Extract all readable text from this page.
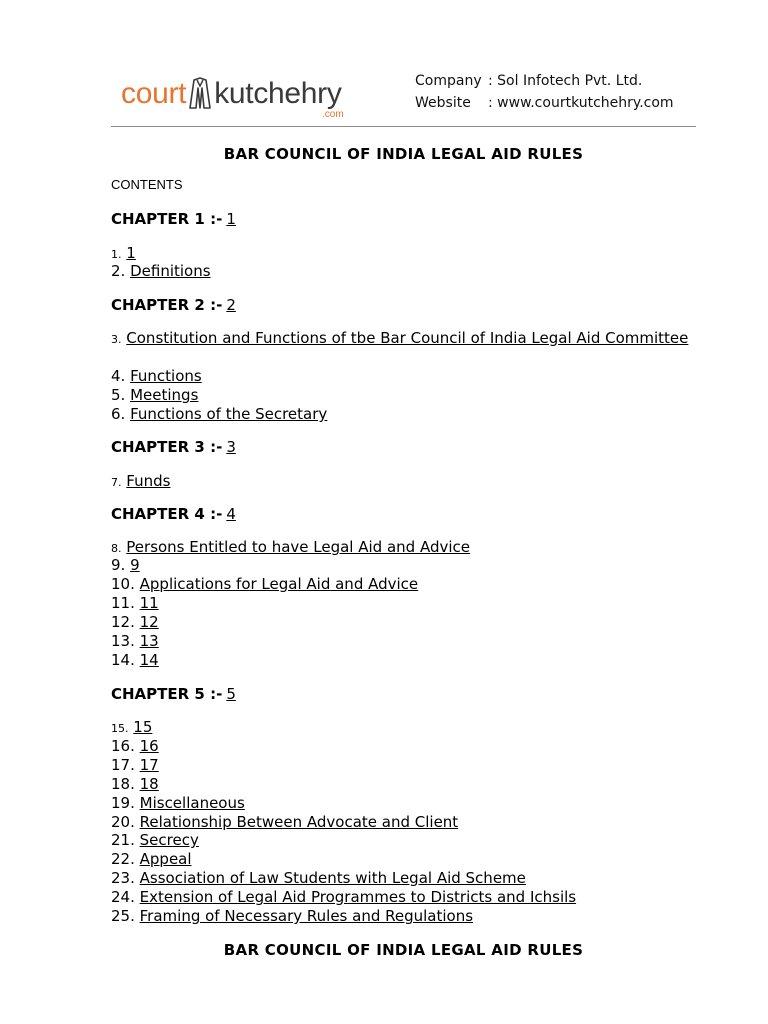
court kutchehry
.com
Company : Sol Infotech Pvt. Ltd.
Website : www.courtkutchehry.com
BAR COUNCIL OF INDIA LEGAL AID RULES
CONTENTS
CHAPTER 1 :- 1
1. 1
2. Definitions
CHAPTER 2 :- 2
3. Constitution and Functions of tbe Bar Council of India Legal Aid Committee
4. Functions
5. Meetings
6. Functions of the Secretary
CHAPTER 3 :- 3
7. Funds
CHAPTER 4 :- 4
8. Persons Entitled to have Legal Aid and Advice
9. 9
10. Applications for Legal Aid and Advice
11. 11
12. 12
13. 13
14. 14
CHAPTER 5 :- 5
15. 15
16. 16
17. 17
18. 18
19. Miscellaneous
20. Relationship Between Advocate and Client
21. Secrecy
22. Appeal
23. Association of Law Students with Legal Aid Scheme
24. Extension of Legal Aid Programmes to Districts and Ichsils
25. Framing of Necessary Rules and Regulations
BAR COUNCIL OF INDIA LEGAL AID RULES
